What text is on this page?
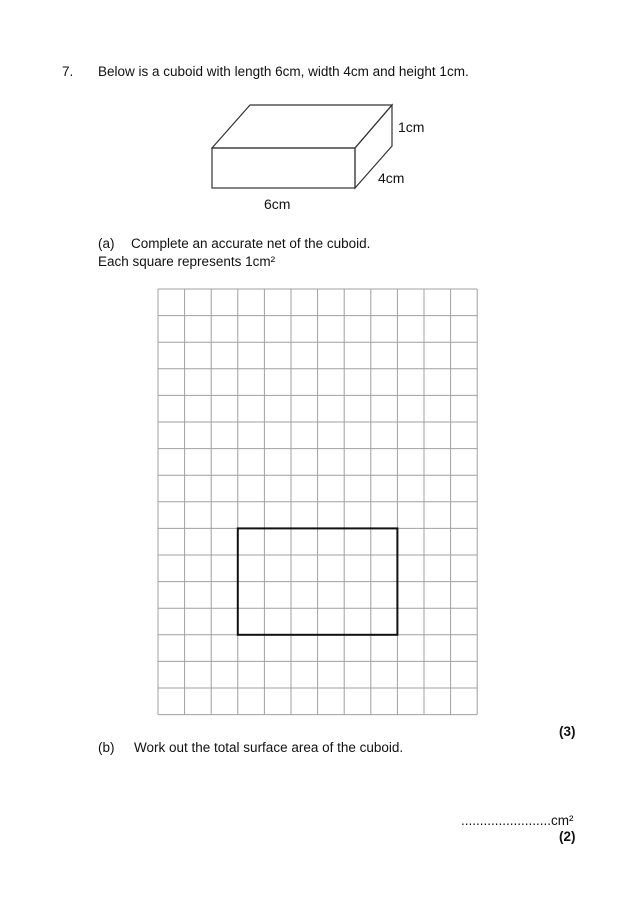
7. Below is a cuboid with length 6cm, width 4cm and height 1cm.
1cm
4cm
6cm
(a) Complete an accurate net of the cuboid.
Each square represents 1cm²
(3)
(b) Work out the total surface area of the cuboid.
........................cm²
(2)
